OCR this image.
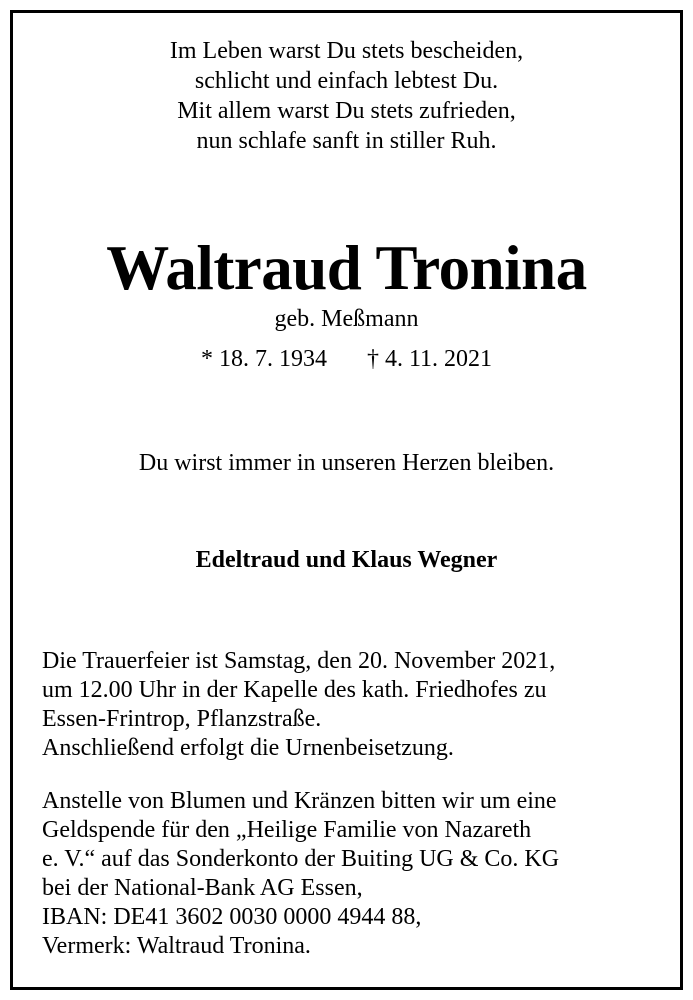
Im Leben warst Du stets bescheiden,
schlicht und einfach lebtest Du.
Mit allem warst Du stets zufrieden,
nun schlafe sanft in stiller Ruh.
Waltraud Tronina
geb. Meßmann
* 18. 7. 1934 † 4. 11. 2021
Du wirst immer in unseren Herzen bleiben.
Edeltraud und Klaus Wegner
Die Trauerfeier ist Samstag, den 20. November 2021,
um 12.00 Uhr in der Kapelle des kath. Friedhofes zu
Essen-Frintrop, Pflanzstraße.
Anschließend erfolgt die Urnenbeisetzung.
Anstelle von Blumen und Kränzen bitten wir um eine
Geldspende für den „Heilige Familie von Nazareth
e. V.“ auf das Sonderkonto der Buiting UG & Co. KG
bei der National-Bank AG Essen,
IBAN: DE41 3602 0030 0000 4944 88,
Vermerk: Waltraud Tronina.
